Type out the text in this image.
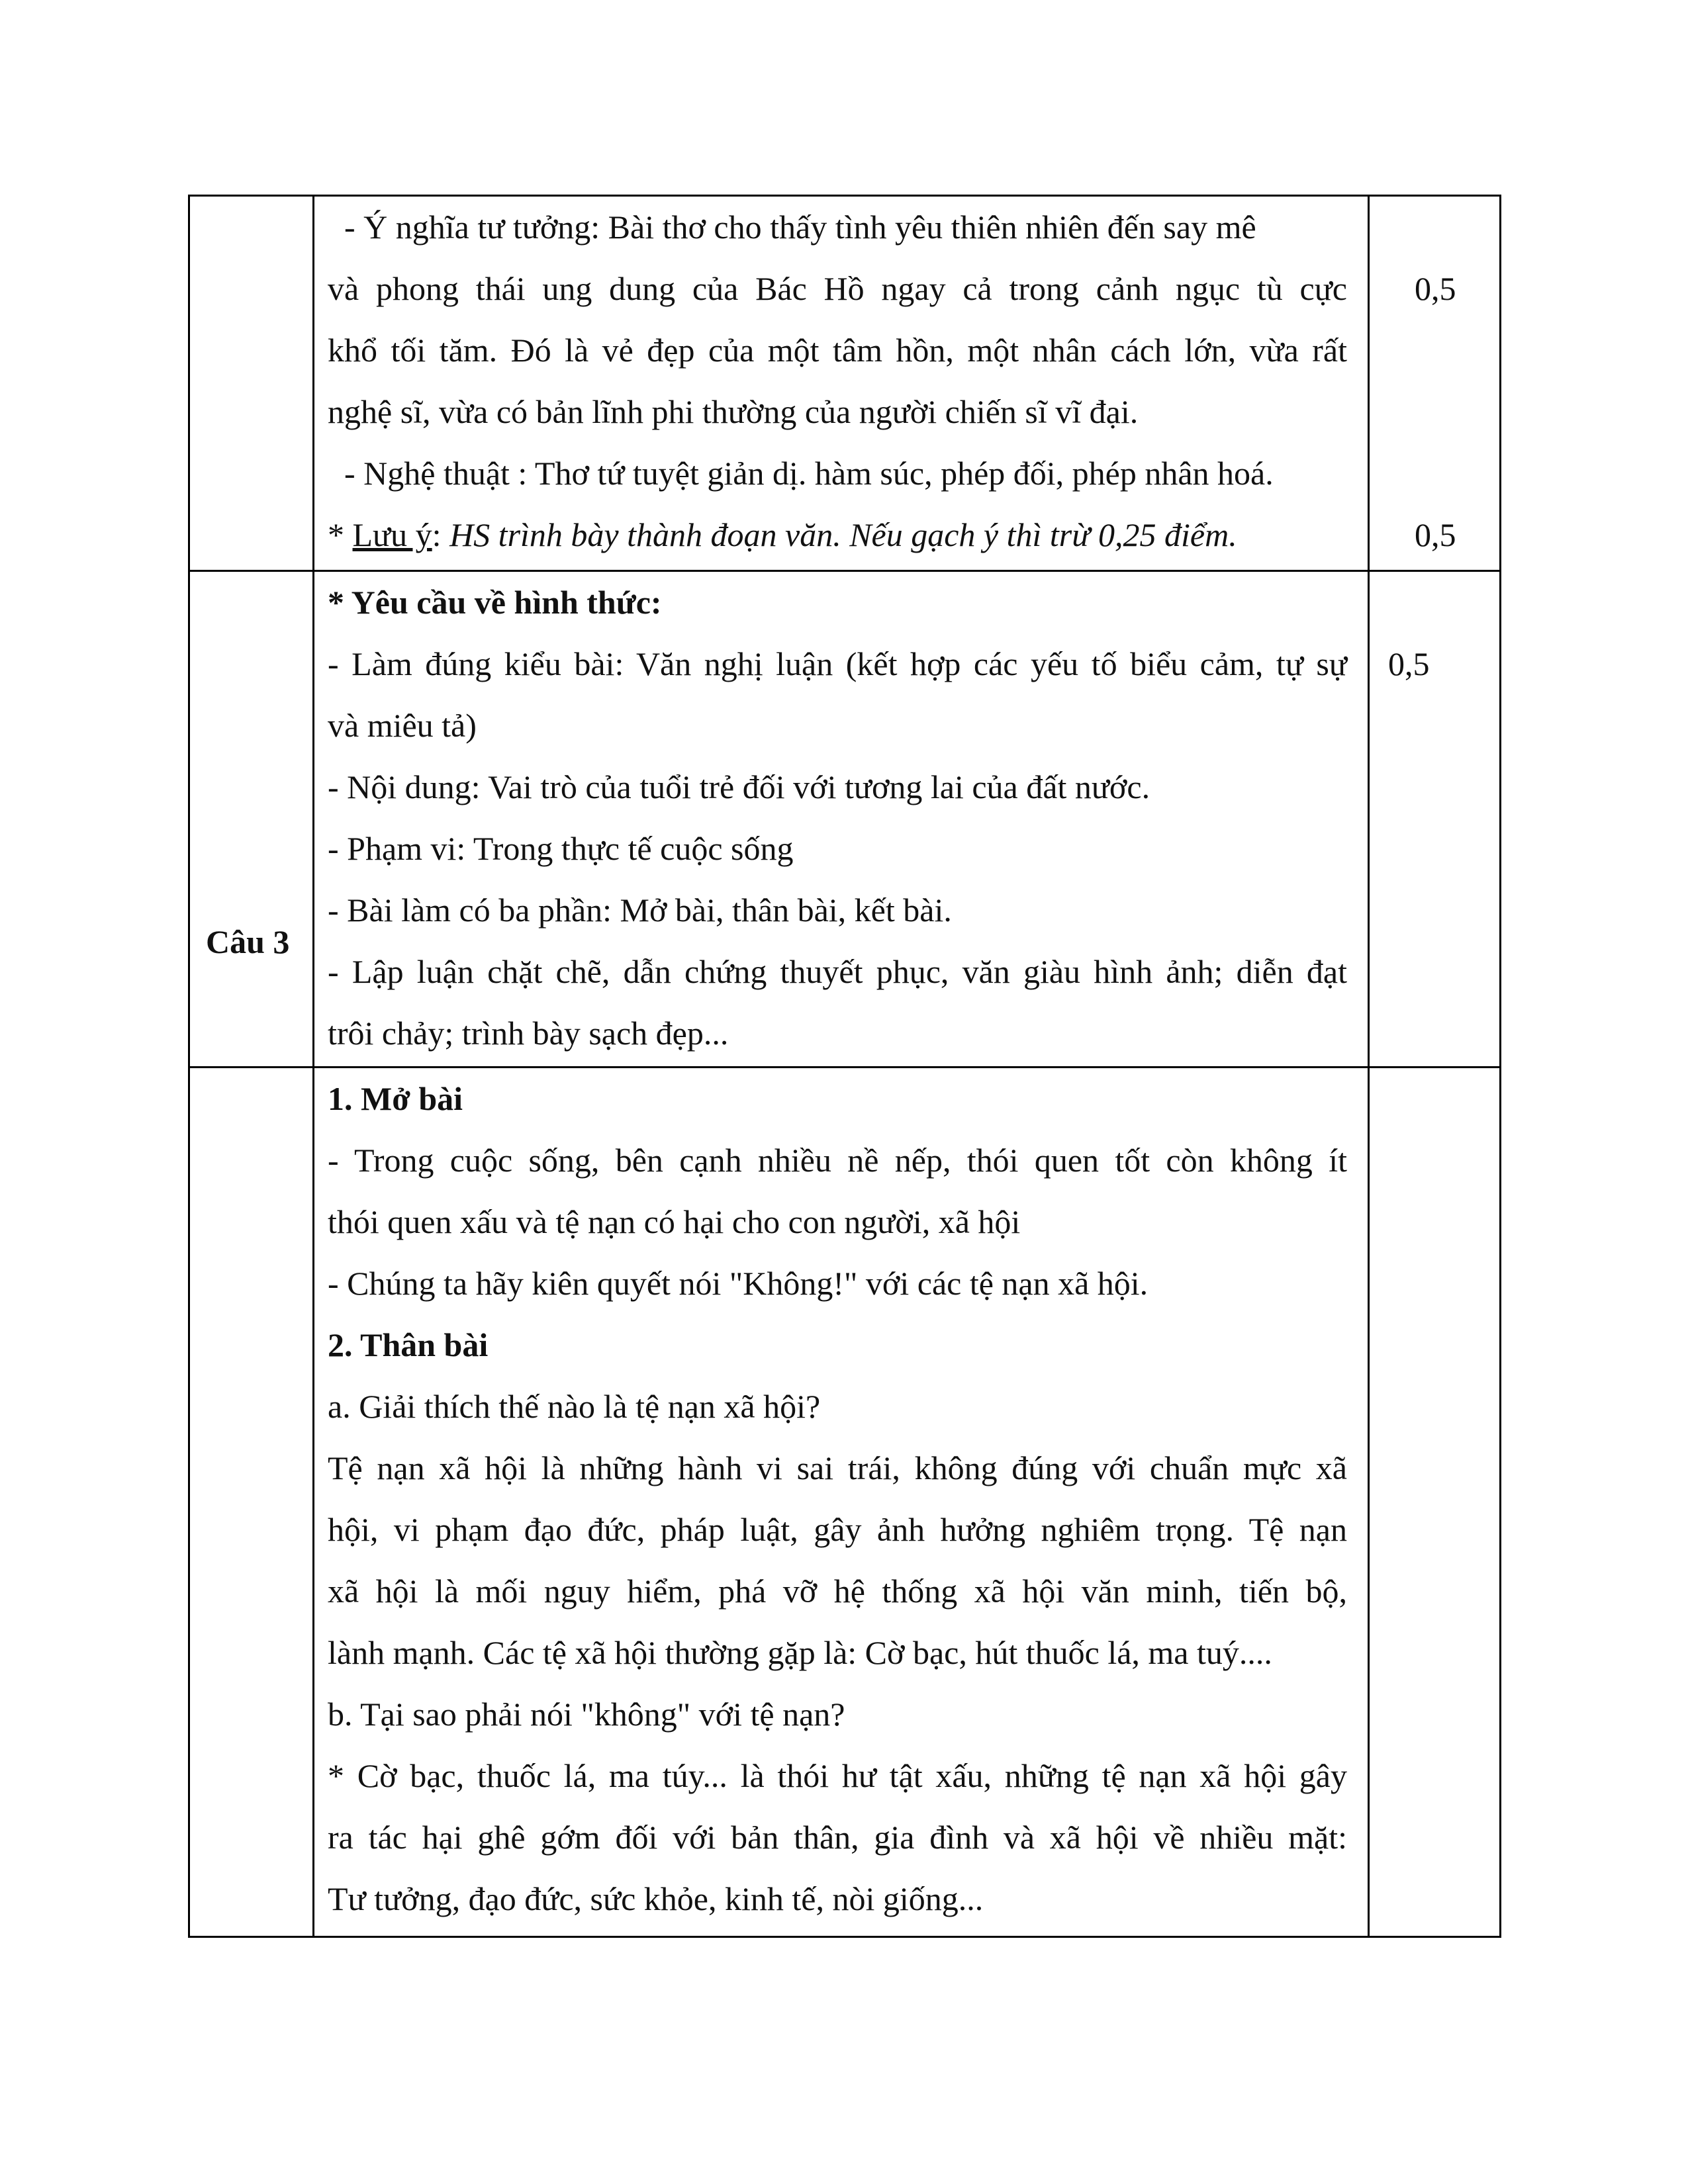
- Ý nghĩa tư tưởng: Bài thơ cho thấy tình yêu thiên nhiên đến say mê
và phong thái ung dung của Bác Hồ ngay cả trong cảnh ngục tù cực
khổ tối tăm. Đó là vẻ đẹp của một tâm hồn, một nhân cách lớn, vừa rất
nghệ sĩ, vừa có bản lĩnh phi thường của người chiến sĩ vĩ đại.
- Nghệ thuật : Thơ tứ tuyệt giản dị. hàm súc, phép đối, phép nhân hoá.
* Lưu ý: HS trình bày thành đoạn văn. Nếu gạch ý thì trừ 0,25 điểm.
0,5
0,5
Câu 3
* Yêu cầu về hình thức:
- Làm đúng kiểu bài: Văn nghị luận (kết hợp các yếu tố biểu cảm, tự sự
và miêu tả)
- Nội dung: Vai trò của tuổi trẻ đối với tương lai của đất nước.
- Phạm vi: Trong thực tế cuộc sống
- Bài làm có ba phần: Mở bài, thân bài, kết bài.
- Lập luận chặt chẽ, dẫn chứng thuyết phục, văn giàu hình ảnh; diễn đạt
trôi chảy; trình bày sạch đẹp...
0,5
1. Mở bài
- Trong cuộc sống, bên cạnh nhiều nề nếp, thói quen tốt còn không ít
thói quen xấu và tệ nạn có hại cho con người, xã hội
- Chúng ta hãy kiên quyết nói "Không!" với các tệ nạn xã hội.
2. Thân bài
a. Giải thích thế nào là tệ nạn xã hội?
Tệ nạn xã hội là những hành vi sai trái, không đúng với chuẩn mực xã
hội, vi phạm đạo đức, pháp luật, gây ảnh hưởng nghiêm trọng. Tệ nạn
xã hội là mối nguy hiểm, phá vỡ hệ thống xã hội văn minh, tiến bộ,
lành mạnh. Các tệ xã hội thường gặp là: Cờ bạc, hút thuốc lá, ma tuý....
b. Tại sao phải nói "không" với tệ nạn?
* Cờ bạc, thuốc lá, ma túy... là thói hư tật xấu, những tệ nạn xã hội gây
ra tác hại ghê gớm đối với bản thân, gia đình và xã hội về nhiều mặt:
Tư tưởng, đạo đức, sức khỏe, kinh tế, nòi giống...
